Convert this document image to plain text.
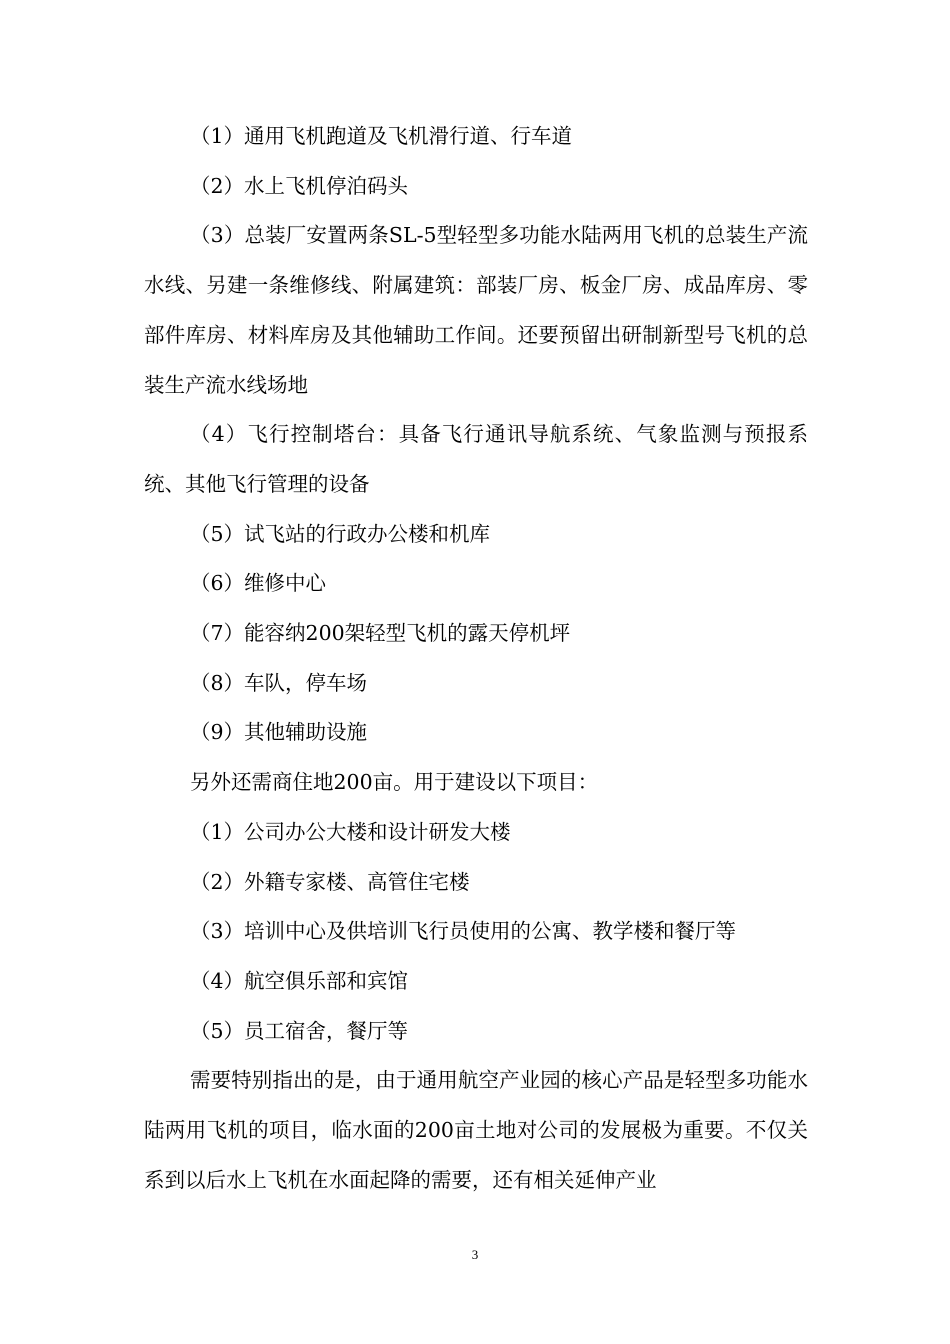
（1）通用飞机跑道及飞机滑行道、行车道

（2）水上飞机停泊码头

（3）总装厂安置两条SL-5型轻型多功能水陆两用飞机的总装生产流水线、另建一条维修线、附属建筑：部装厂房、板金厂房、成品库房、零部件库房、材料库房及其他辅助工作间。还要预留出研制新型号飞机的总装生产流水线场地

（4）飞行控制塔台：具备飞行通讯导航系统、气象监测与预报系统、其他飞行管理的设备

（5）试飞站的行政办公楼和机库

（6）维修中心

（7）能容纳200架轻型飞机的露天停机坪

（8）车队，停车场

（9）其他辅助设施

另外还需商住地200亩。用于建设以下项目：

（1）公司办公大楼和设计研发大楼

（2）外籍专家楼、高管住宅楼

（3）培训中心及供培训飞行员使用的公寓、教学楼和餐厅等

（4）航空俱乐部和宾馆

（5）员工宿舍，餐厅等

需要特别指出的是，由于通用航空产业园的核心产品是轻型多功能水陆两用飞机的项目，临水面的200亩土地对公司的发展极为重要。不仅关系到以后水上飞机在水面起降的需要，还有相关延伸产业

3
